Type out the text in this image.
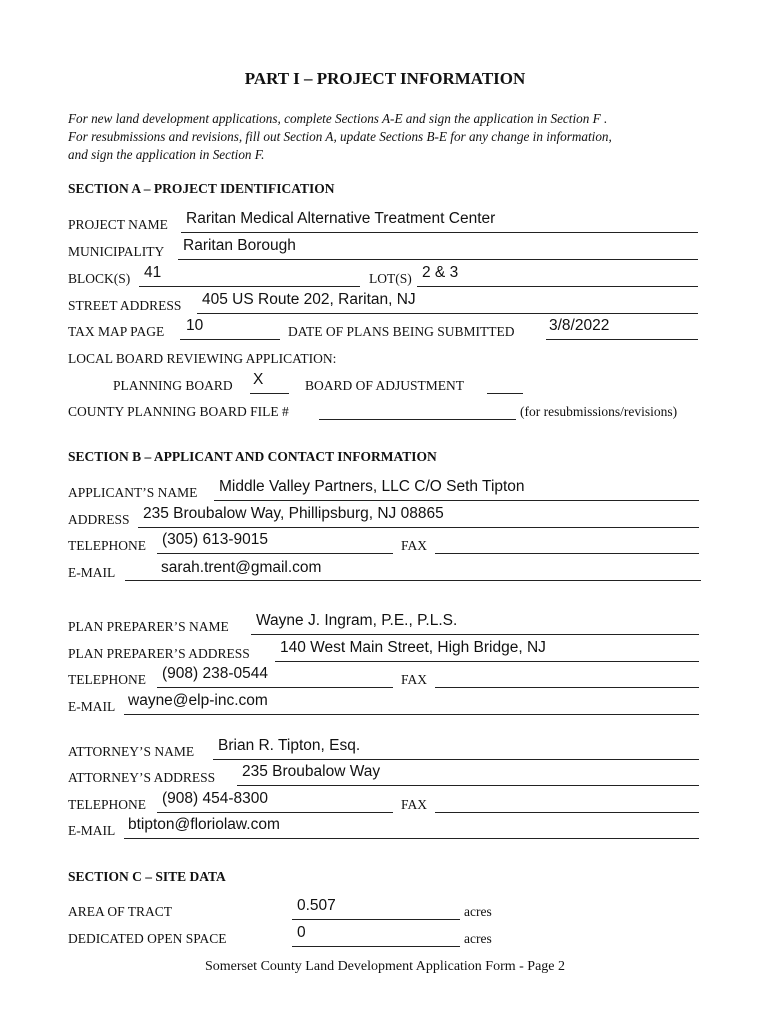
PART I – PROJECT INFORMATION
For new land development applications, complete Sections A-E and sign the application in Section F .
For resubmissions and revisions, fill out Section A, update Sections B-E for any change in information,
and sign the application in Section F.
SECTION A – PROJECT IDENTIFICATION
PROJECT NAME Raritan Medical Alternative Treatment Center
MUNICIPALITY Raritan Borough
BLOCK(S) 41	LOT(S) 2 & 3
STREET ADDRESS 405 US Route 202, Raritan, NJ
TAX MAP PAGE 10	DATE OF PLANS BEING SUBMITTED 3/8/2022
LOCAL BOARD REVIEWING APPLICATION:
PLANNING BOARD X	BOARD OF ADJUSTMENT
COUNTY PLANNING BOARD FILE #	(for resubmissions/revisions)
SECTION B – APPLICANT AND CONTACT INFORMATION
APPLICANT’S NAME Middle Valley Partners, LLC C/O Seth Tipton
ADDRESS 235 Broubalow Way, Phillipsburg, NJ 08865
TELEPHONE (305) 613-9015	FAX
E-MAIL	sarah.trent@gmail.com
PLAN PREPARER’S NAME Wayne J. Ingram, P.E., P.L.S.
PLAN PREPARER’S ADDRESS 140 West Main Street, High Bridge, NJ
TELEPHONE (908) 238-0544	FAX
E-MAIL wayne@elp-inc.com
ATTORNEY’S NAME Brian R. Tipton, Esq.
ATTORNEY’S ADDRESS 235 Broubalow Way
TELEPHONE (908) 454-8300	FAX
E-MAIL btipton@floriolaw.com
SECTION C – SITE DATA
AREA OF TRACT	0.507	acres
DEDICATED OPEN SPACE	0	acres
Somerset County Land Development Application Form - Page 2
